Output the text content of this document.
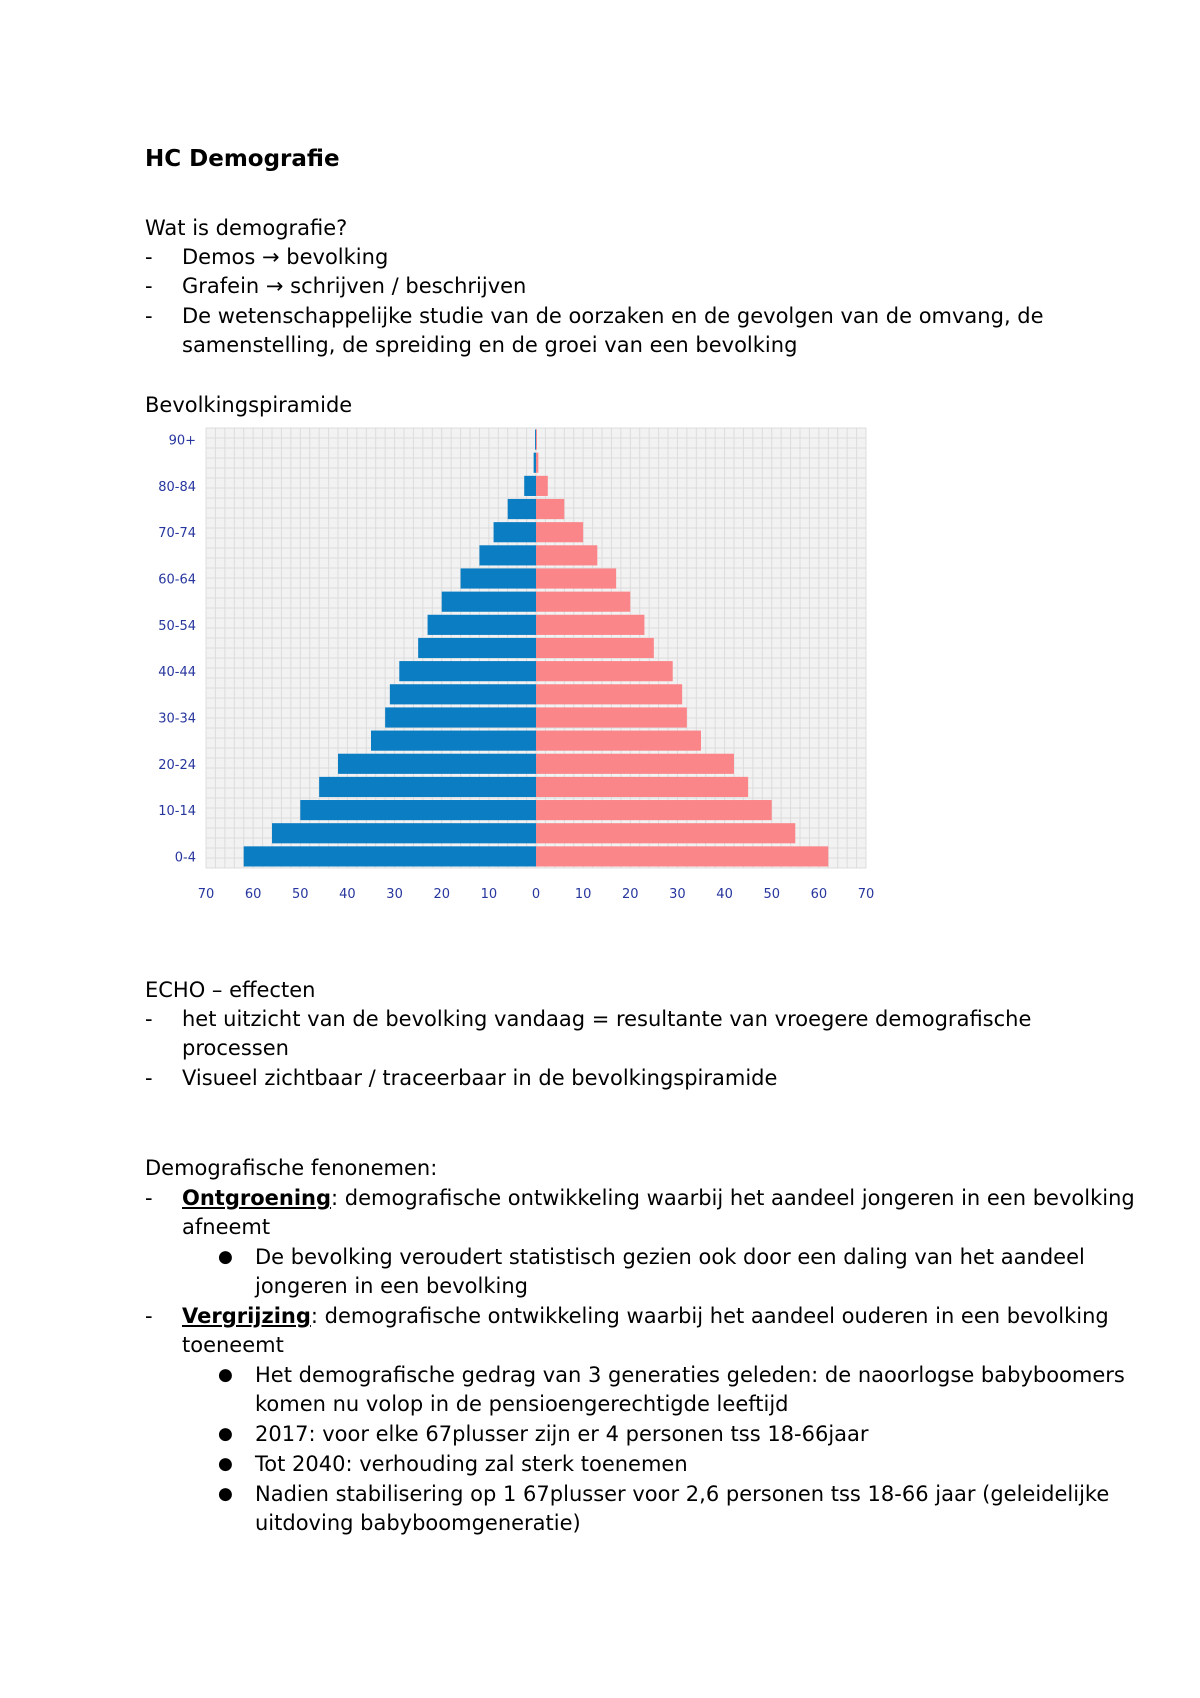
HC Demografie
Wat is demografie?
- Demos → bevolking
- Grafein → schrijven / beschrijven
- De wetenschappelijke studie van de oorzaken en de gevolgen van de omvang, de
samenstelling, de spreiding en de groei van een bevolking
Bevolkingspiramide
0-4
10-14
20-24
30-34
40-44
50-54
60-64
70-74
80-84
90+
70 60 50 40 30 20 10	0	10 20 30 40 50 60 70
ECHO – effecten
- het uitzicht van de bevolking vandaag = resultante van vroegere demografische
processen
- Visueel zichtbaar / traceerbaar in de bevolkingspiramide
Demografische fenonemen:
- Ontgroening: demografische ontwikkeling waarbij het aandeel jongeren in een bevolking
afneemt
● De bevolking veroudert statistisch gezien ook door een daling van het aandeel
jongeren in een bevolking
- Vergrijzing: demografische ontwikkeling waarbij het aandeel ouderen in een bevolking
toeneemt
● Het demografische gedrag van 3 generaties geleden: de naoorlogse babyboomers
komen nu volop in de pensioengerechtigde leeftijd
● 2017: voor elke 67plusser zijn er 4 personen tss 18-66jaar
● Tot 2040: verhouding zal sterk toenemen
● Nadien stabilisering op 1 67plusser voor 2,6 personen tss 18-66 jaar (geleidelijke
uitdoving babyboomgeneratie)
